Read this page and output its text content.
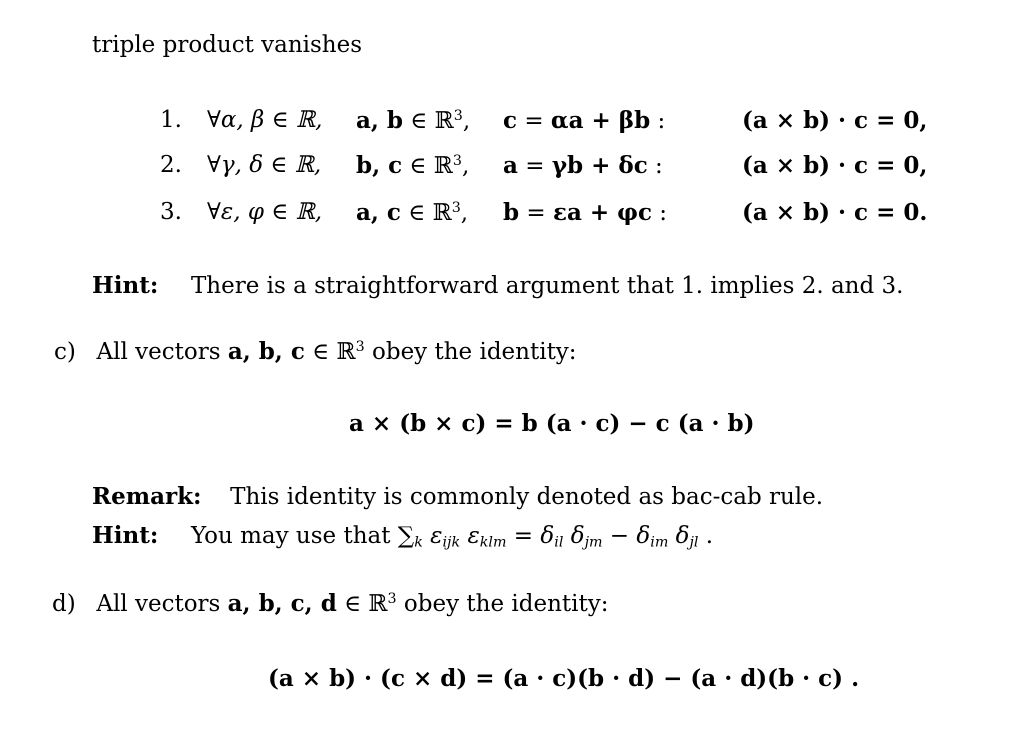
triple product vanishes
1. ∀α, β ∈ ℝ, a, b ∈ ℝ$^3$, c = αa + βb :	(a × b) · c = 0,
2. ∀γ, δ ∈ ℝ, b, c ∈ ℝ$^3$, a = γb + δc :	(a × b) · c = 0,
3. ∀ε, φ ∈ ℝ, a, c ∈ ℝ$^3$, b = εa + φc :	(a × b) · c = 0.
Hint: There is a straightforward argument that 1. implies 2. and 3.
c) All vectors a, b, c ∈ ℝ$^3$ obey the identity:
a × (b × c) = b (a · c) − c (a · b)
Remark: This identity is commonly denoted as bac-cab rule.
Hint: You may use that $\sum_k$ $\varepsilon_{ijk}$ $\varepsilon_{klm} = \delta_{il}$ $\delta_{jm} - \delta_{im}$ $\delta_{jl}$ .
d) All vectors a, b, c, d ∈ ℝ$^3$ obey the identity:
(a × b) · (c × d) = (a · c)(b · d) − (a · d)(b · c) .
